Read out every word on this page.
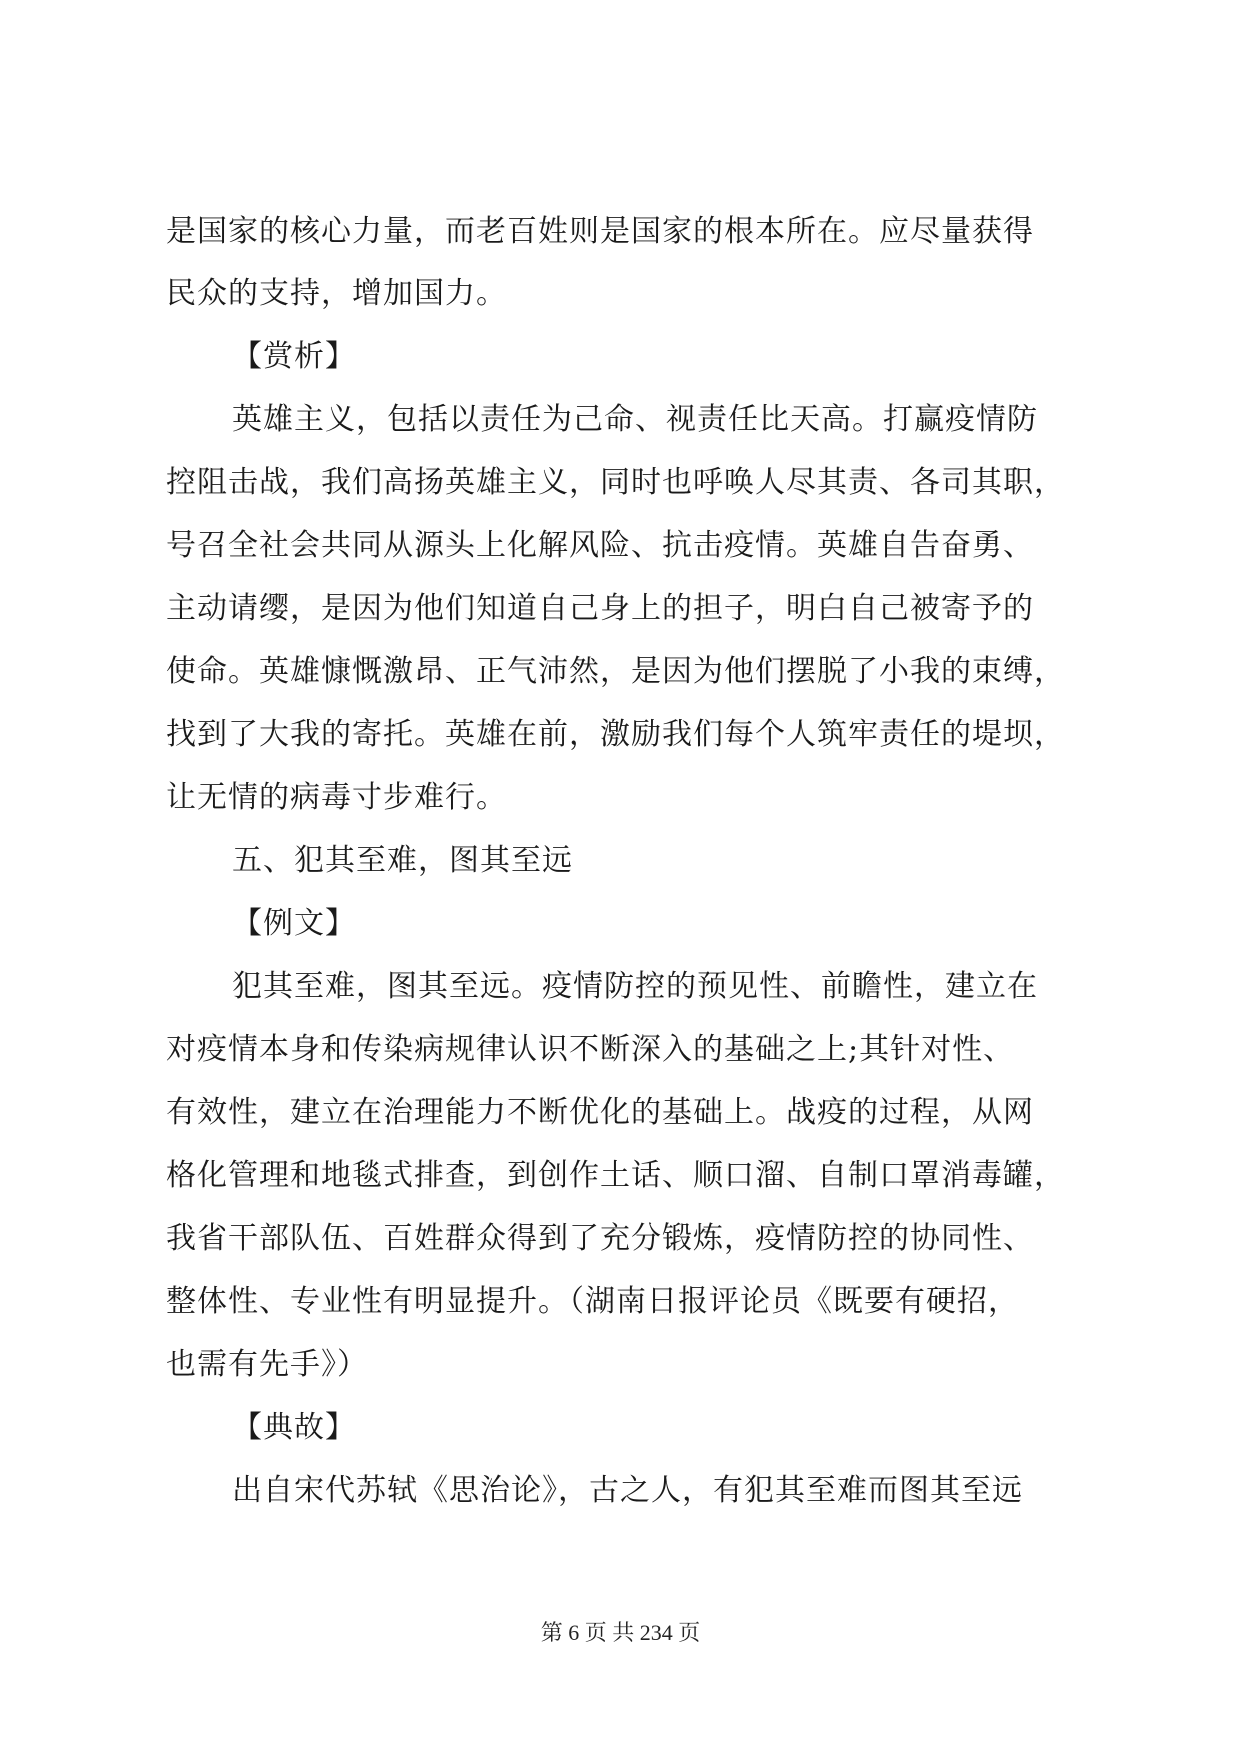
是国家的核心力量，而老百姓则是国家的根本所在。应尽量获得
民众的支持，增加国力。
【赏析】
英雄主义，包括以责任为己命、视责任比天高。打赢疫情防
控阻击战，我们高扬英雄主义，同时也呼唤人尽其责、各司其职，
号召全社会共同从源头上化解风险、抗击疫情。英雄自告奋勇、
主动请缨，是因为他们知道自己身上的担子，明白自己被寄予的
使命。英雄慷慨激昂、正气沛然，是因为他们摆脱了小我的束缚，
找到了大我的寄托。英雄在前，激励我们每个人筑牢责任的堤坝，
让无情的病毒寸步难行。
五、犯其至难，图其至远
【例文】
犯其至难，图其至远。疫情防控的预见性、前瞻性，建立在
对疫情本身和传染病规律认识不断深入的基础之上;其针对性、
有效性，建立在治理能力不断优化的基础上。战疫的过程，从网
格化管理和地毯式排查，到创作土话、顺口溜、自制口罩消毒罐，
我省干部队伍、百姓群众得到了充分锻炼，疫情防控的协同性、
整体性、专业性有明显提升。（湖南日报评论员《既要有硬招，
也需有先手》）
【典故】
出自宋代苏轼《思治论》，古之人，有犯其至难而图其至远
第 6 页 共 234 页
